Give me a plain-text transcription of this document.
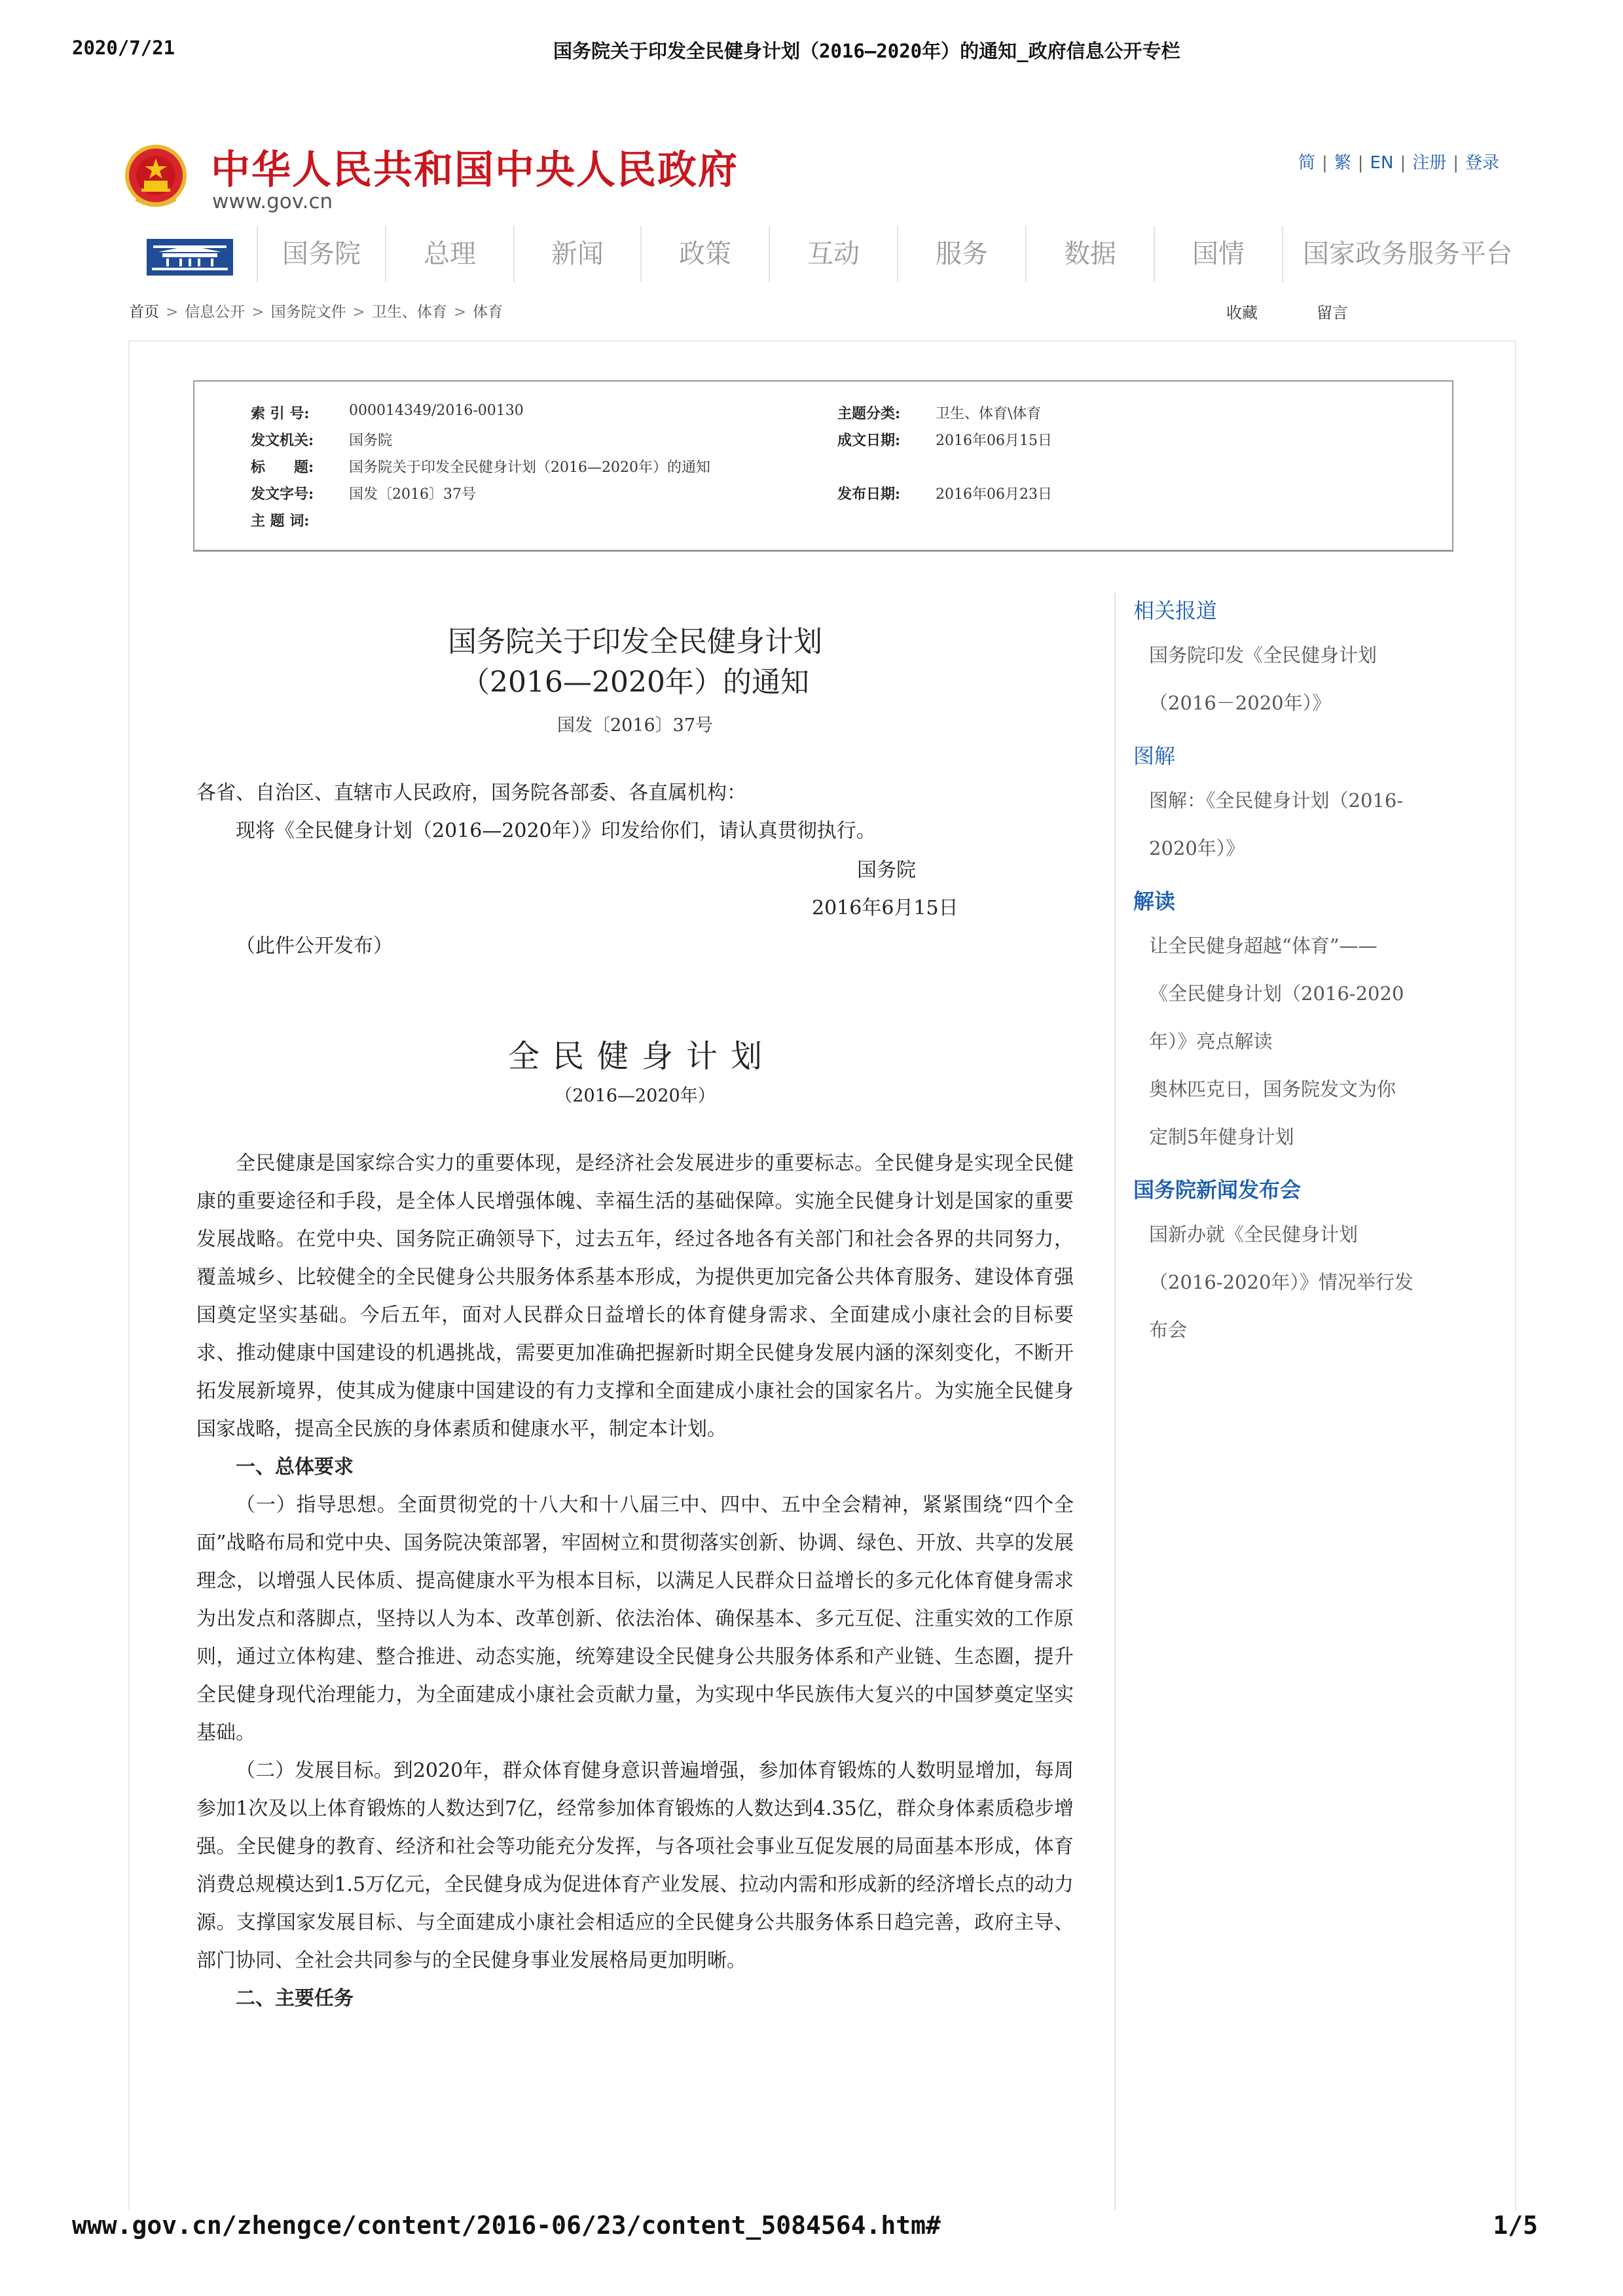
2020/7/21	国务院关于印发全民健身计划（2016—2020年）的通知_政府信息公开专栏
中华人民共和国中央人民政府
www.gov.cn
简 | 繁 | EN | 注册 | 登录
国务院	总理	新闻	政策	互动	服务	数据	国情	国家政务服务平台
首页 > 信息公开 > 国务院文件 > 卫生、体育 > 体育	收藏	留言
索 引 号:	000014349/2016-00130	主题分类: 卫生、体育\体育
发文机关: 国务院	成文日期: 2016年06月15日
标　　题: 国务院关于印发全民健身计划（2016—2020年）的通知
发文字号: 国发〔2016〕37号	发布日期: 2016年06月23日
主 题 词:
国务院关于印发全民健身计划
（2016—2020年）的通知
国发〔2016〕37号
各省、自治区、直辖市人民政府，国务院各部委、各直属机构：
现将《全民健身计划（2016—2020年）》印发给你们，请认真贯彻执行。
国务院
2016年6月15日
（此件公开发布）
全民健身计划
（2016—2020年）
全民健康是国家综合实力的重要体现，是经济社会发展进步的重要标志。全民健身是实现全民健康的重要途径和手段，是全体人民增强体魄、幸福生活的基础保障。实施全民健身计划是国家的重要发展战略。在党中央、国务院正确领导下，过去五年，经过各地各有关部门和社会各界的共同努力，覆盖城乡、比较健全的全民健身公共服务体系基本形成，为提供更加完备公共体育服务、建设体育强国奠定坚实基础。今后五年，面对人民群众日益增长的体育健身需求、全面建成小康社会的目标要求、推动健康中国建设的机遇挑战，需要更加准确把握新时期全民健身发展内涵的深刻变化，不断开拓发展新境界，使其成为健康中国建设的有力支撑和全面建成小康社会的国家名片。为实施全民健身国家战略，提高全民族的身体素质和健康水平，制定本计划。
一、总体要求
（一）指导思想。全面贯彻党的十八大和十八届三中、四中、五中全会精神，紧紧围绕“四个全面”战略布局和党中央、国务院决策部署，牢固树立和贯彻落实创新、协调、绿色、开放、共享的发展理念，以增强人民体质、提高健康水平为根本目标，以满足人民群众日益增长的多元化体育健身需求为出发点和落脚点，坚持以人为本、改革创新、依法治体、确保基本、多元互促、注重实效的工作原则，通过立体构建、整合推进、动态实施，统筹建设全民健身公共服务体系和产业链、生态圈，提升全民健身现代治理能力，为全面建成小康社会贡献力量，为实现中华民族伟大复兴的中国梦奠定坚实基础。
（二）发展目标。到2020年，群众体育健身意识普遍增强，参加体育锻炼的人数明显增加，每周参加1次及以上体育锻炼的人数达到7亿，经常参加体育锻炼的人数达到4.35亿，群众身体素质稳步增强。全民健身的教育、经济和社会等功能充分发挥，与各项社会事业互促发展的局面基本形成，体育消费总规模达到1.5万亿元，全民健身成为促进体育产业发展、拉动内需和形成新的经济增长点的动力源。支撑国家发展目标、与全面建成小康社会相适应的全民健身公共服务体系日趋完善，政府主导、部门协同、全社会共同参与的全民健身事业发展格局更加明晰。
二、主要任务
相关报道
国务院印发《全民健身计划
（2016－2020年）》
图解
图解：《全民健身计划（2016-
2020年）》
解读
让全民健身超越“体育”——
《全民健身计划（2016-2020
年）》亮点解读
奥林匹克日，国务院发文为你
定制5年健身计划
国务院新闻发布会
国新办就《全民健身计划
（2016-2020年）》情况举行发
布会
www.gov.cn/zhengce/content/2016-06/23/content_5084564.htm#	1/5
